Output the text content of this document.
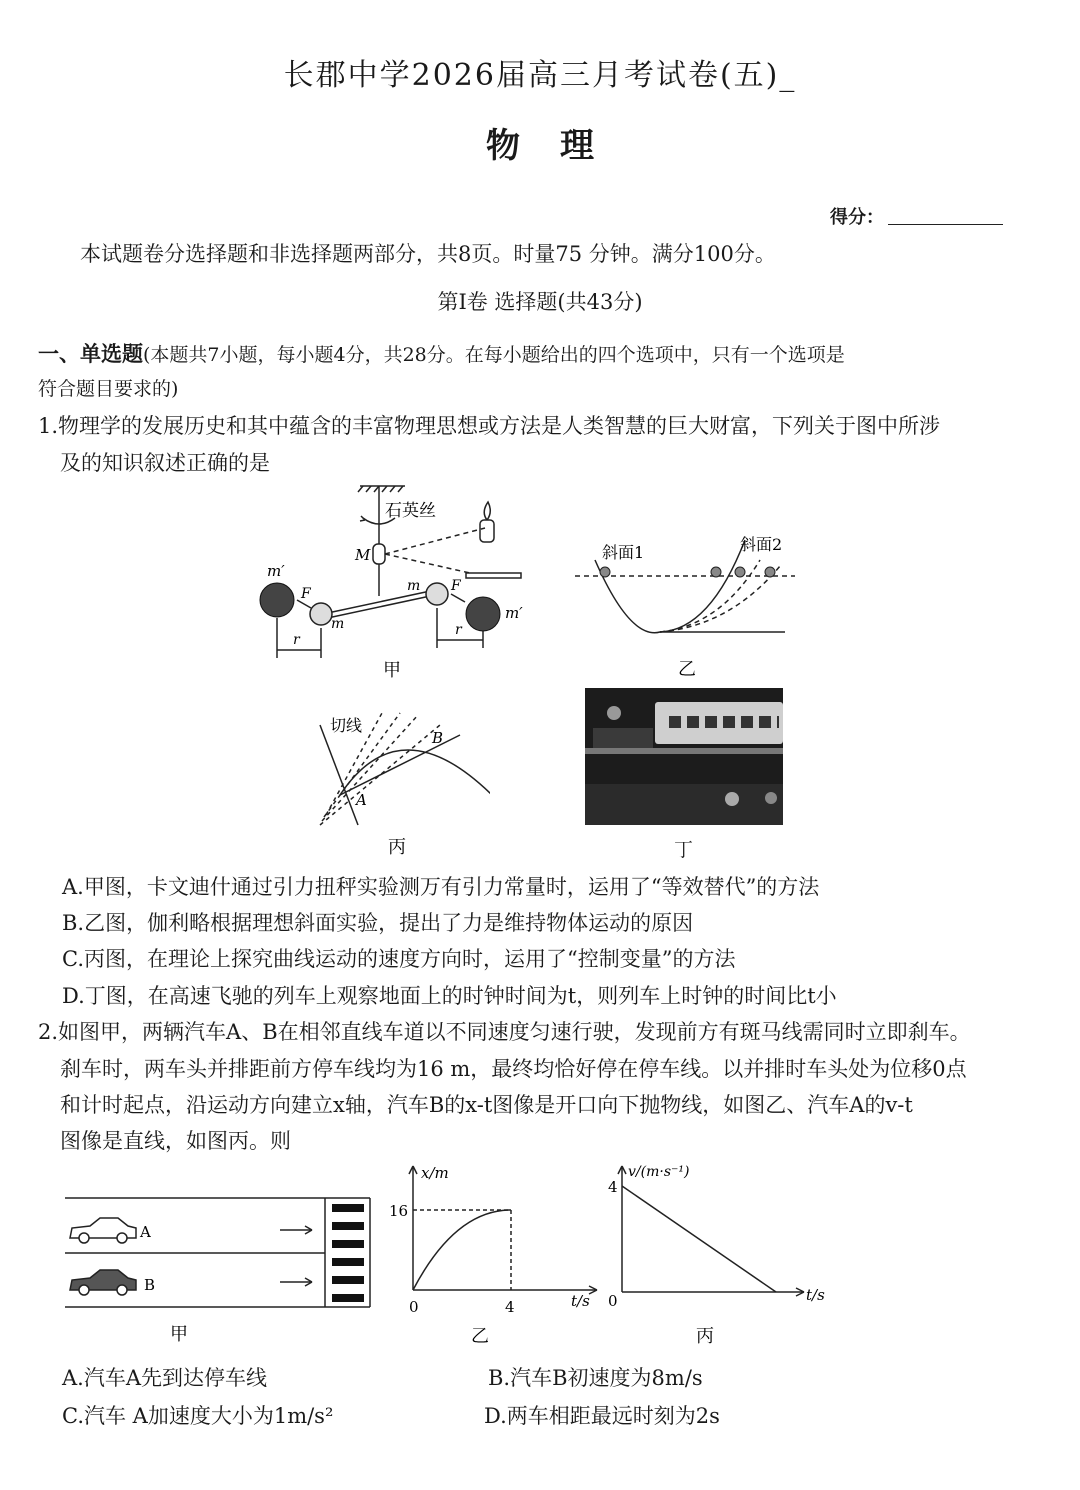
长郡中学2026届高三月考试卷(五)_
物理
得分：
本试题卷分选择题和非选择题两部分，共8页。时量75 分钟。满分100分。
第Ⅰ卷 选择题(共43分)
一、单选题(本题共7小题，每小题4分，共28分。在每小题给出的四个选项中，只有一个选项是
符合题目要求的)
1.物理学的发展历史和其中蕴含的丰富物理思想或方法是人类智慧的巨大财富，下列关于图中所涉
及的知识叙述正确的是
石英丝
M
m′
m′
m
m
F	F
r
r
甲
斜面1	斜面2
乙
切线
A
B
丙	丁
A.甲图，卡文迪什通过引力扭秤实验测万有引力常量时，运用了“等效替代”的方法
B.乙图，伽利略根据理想斜面实验，提出了力是维持物体运动的原因
C.丙图，在理论上探究曲线运动的速度方向时，运用了“控制变量”的方法
D.丁图，在高速飞驰的列车上观察地面上的时钟时间为t，则列车上时钟的时间比t小
2.如图甲，两辆汽车A、B在相邻直线车道以不同速度匀速行驶，发现前方有斑马线需同时立即刹车。
刹车时，两车头并排距前方停车线均为16 m，最终均恰好停在停车线。以并排时车头处为位移0点
和计时起点，沿运动方向建立x轴，汽车B的x-t图像是开口向下抛物线，如图乙、汽车A的v-t
图像是直线，如图丙。则
A
B
甲
x/m
t/s
16
4
0
乙
v/(m·s⁻¹)
t/s
4
0
丙
A.汽车A先到达停车线	B.汽车B初速度为8m/s
C.汽车 A加速度大小为1m/s²	D.两车相距最远时刻为2s
